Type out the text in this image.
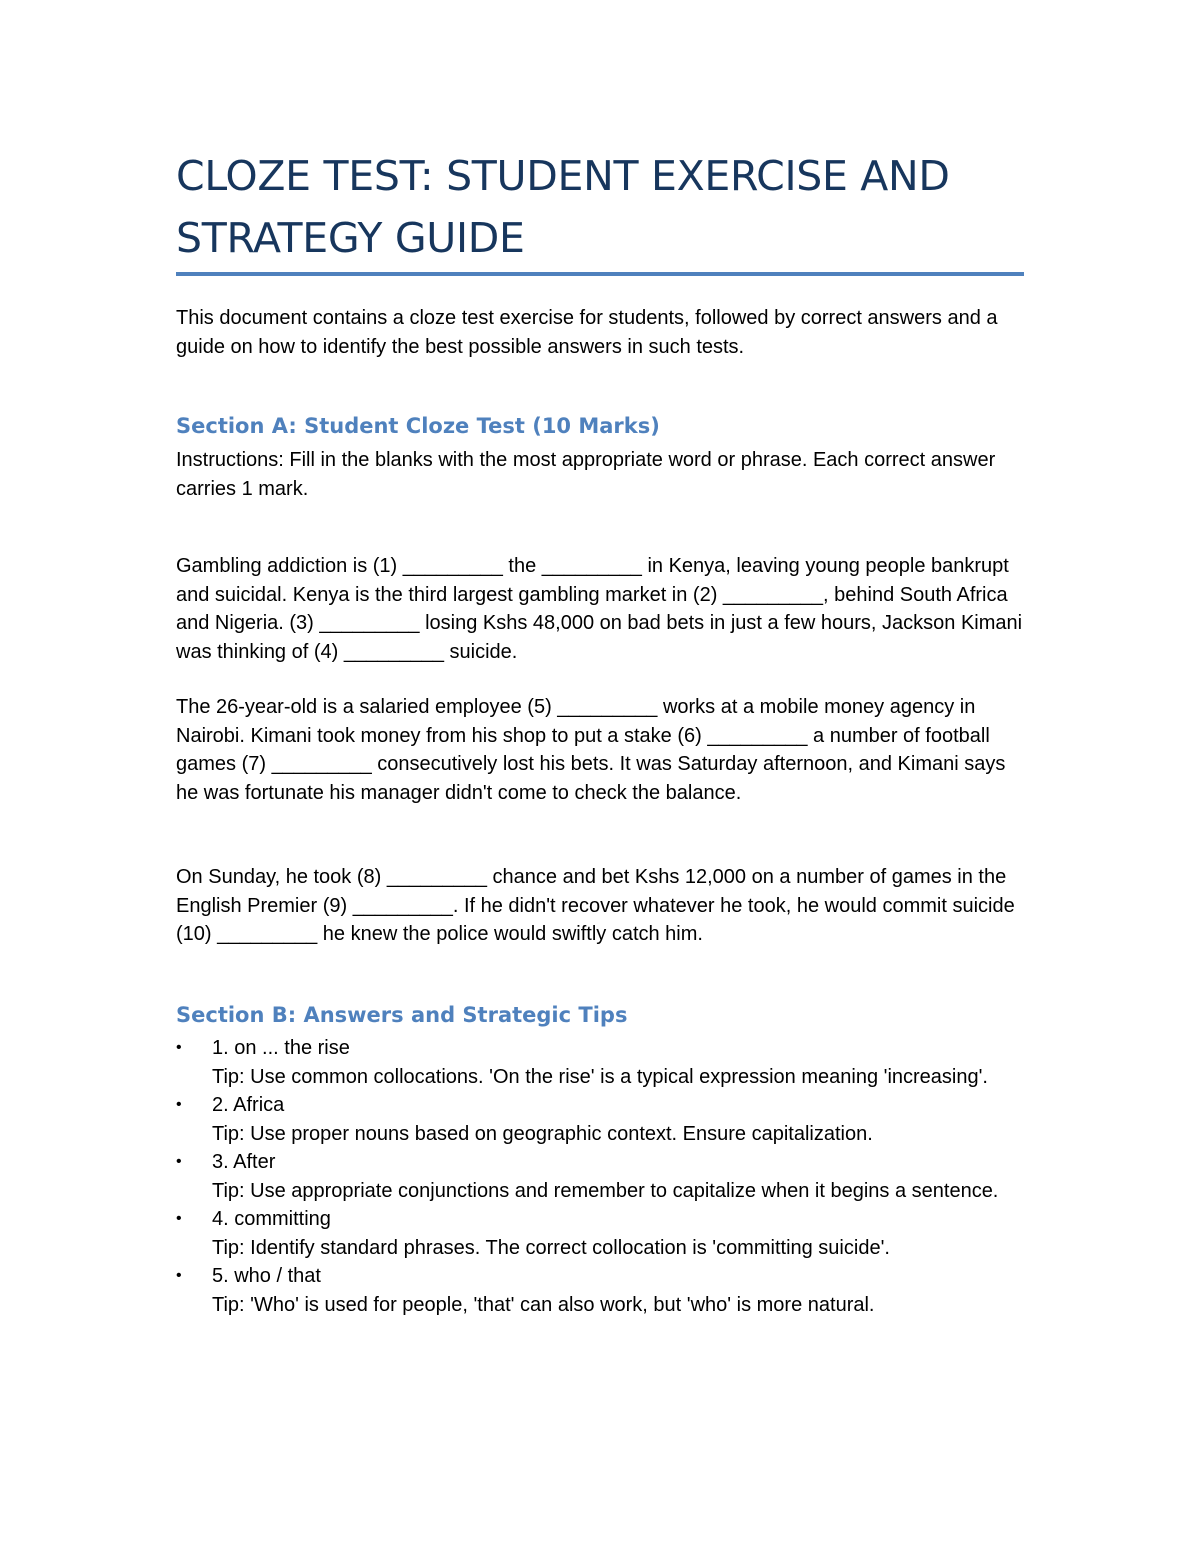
CLOZE TEST: STUDENT EXERCISE AND STRATEGY GUIDE

This document contains a cloze test exercise for students, followed by correct answers and a guide on how to identify the best possible answers in such tests.

Section A: Student Cloze Test (10 Marks)

Instructions: Fill in the blanks with the most appropriate word or phrase. Each correct answer carries 1 mark.

Gambling addiction is (1) _________ the _________ in Kenya, leaving young people bankrupt and suicidal. Kenya is the third largest gambling market in (2) _________, behind South Africa and Nigeria. (3) _________ losing Kshs 48,000 on bad bets in just a few hours, Jackson Kimani was thinking of (4) _________ suicide.

The 26-year-old is a salaried employee (5) _________ works at a mobile money agency in Nairobi. Kimani took money from his shop to put a stake (6) _________ a number of football games (7) _________ consecutively lost his bets. It was Saturday afternoon, and Kimani says he was fortunate his manager didn't come to check the balance.

On Sunday, he took (8) _________ chance and bet Kshs 12,000 on a number of games in the English Premier (9) _________. If he didn't recover whatever he took, he would commit suicide (10) _________ he knew the police would swiftly catch him.

Section B: Answers and Strategic Tips
• 1. on ... the rise
Tip: Use common collocations. 'On the rise' is a typical expression meaning 'increasing'.
• 2. Africa
Tip: Use proper nouns based on geographic context. Ensure capitalization.
• 3. After
Tip: Use appropriate conjunctions and remember to capitalize when it begins a sentence.
• 4. committing
Tip: Identify standard phrases. The correct collocation is 'committing suicide'.
• 5. who / that
Tip: 'Who' is used for people, 'that' can also work, but 'who' is more natural.
